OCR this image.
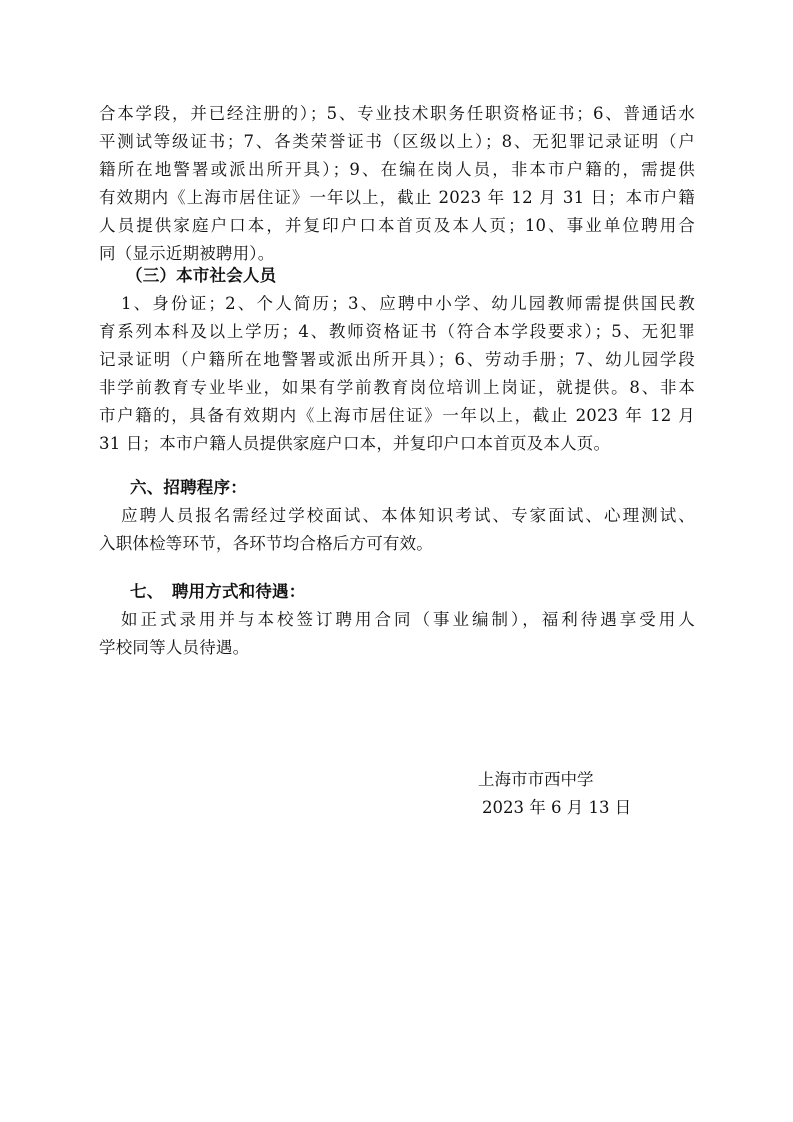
合本学段，并已经注册的）；5、专业技术职务任职资格证书；6、普通话水
平测试等级证书；7、各类荣誉证书（区级以上）；8、无犯罪记录证明（户
籍所在地警署或派出所开具）；9、在编在岗人员，非本市户籍的，需提供
有效期内《上海市居住证》一年以上，截止 2023 年 12 月 31 日；本市户籍
人员提供家庭户口本，并复印户口本首页及本人页；10、事业单位聘用合
同（显示近期被聘用）。
（三）本市社会人员
1、身份证；2、个人简历；3、应聘中小学、幼儿园教师需提供国民教
育系列本科及以上学历；4、教师资格证书（符合本学段要求）；5、无犯罪
记录证明（户籍所在地警署或派出所开具）；6、劳动手册；7、幼儿园学段
非学前教育专业毕业，如果有学前教育岗位培训上岗证，就提供。8、非本
市户籍的，具备有效期内《上海市居住证》一年以上，截止 2023 年 12 月
31 日；本市户籍人员提供家庭户口本，并复印户口本首页及本人页。
六、招聘程序：
应聘人员报名需经过学校面试、本体知识考试、专家面试、心理测试、
入职体检等环节，各环节均合格后方可有效。
七、　聘用方式和待遇：
如正式录用并与本校签订聘用合同（事业编制），福利待遇享受用人
学校同等人员待遇。
上海市市西中学
2023 年 6 月 13 日
